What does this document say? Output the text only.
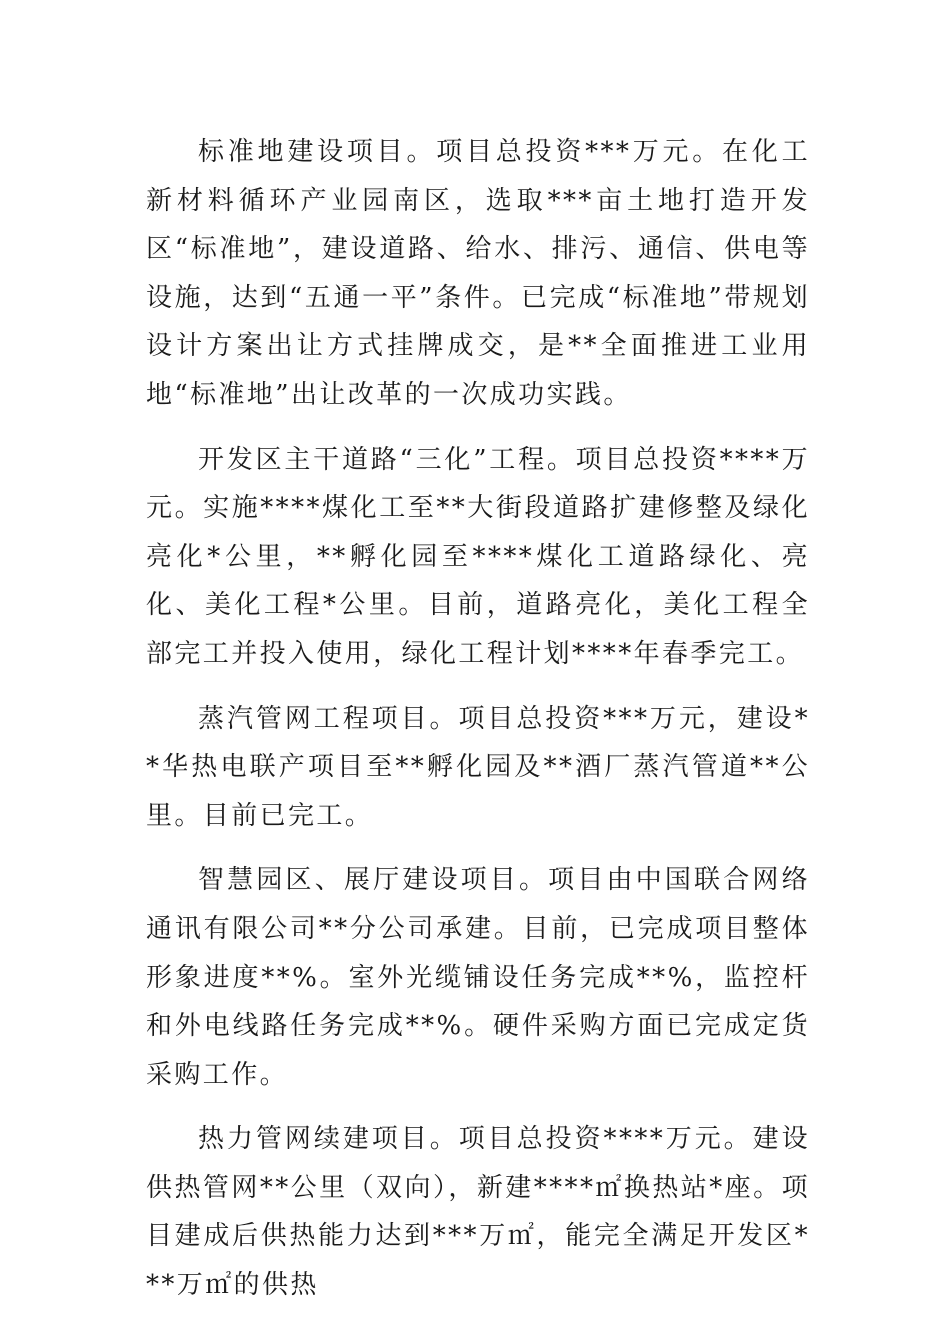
标准地建设项目。项目总投资***万元。在化工新材料循环产业园南区，选取***亩土地打造开发区“标准地”，建设道路、给水、排污、通信、供电等设施，达到“五通一平”条件。已完成“标准地”带规划设计方案出让方式挂牌成交，是**全面推进工业用地“标准地”出让改革的一次成功实践。

开发区主干道路“三化”工程。项目总投资****万元。实施****煤化工至**大街段道路扩建修整及绿化亮化*公里，**孵化园至****煤化工道路绿化、亮化、美化工程*公里。目前，道路亮化，美化工程全部完工并投入使用，绿化工程计划****年春季完工。

蒸汽管网工程项目。项目总投资***万元，建设**华热电联产项目至**孵化园及**酒厂蒸汽管道**公里。目前已完工。

智慧园区、展厅建设项目。项目由中国联合网络通讯有限公司**分公司承建。目前，已完成项目整体形象进度**%。室外光缆铺设任务完成**%，监控杆和外电线路任务完成**%。硬件采购方面已完成定货采购工作。

热力管网续建项目。项目总投资****万元。建设供热管网**公里（双向），新建****㎡换热站*座。项目建成后供热能力达到***万㎡，能完全满足开发区***万㎡的供热
